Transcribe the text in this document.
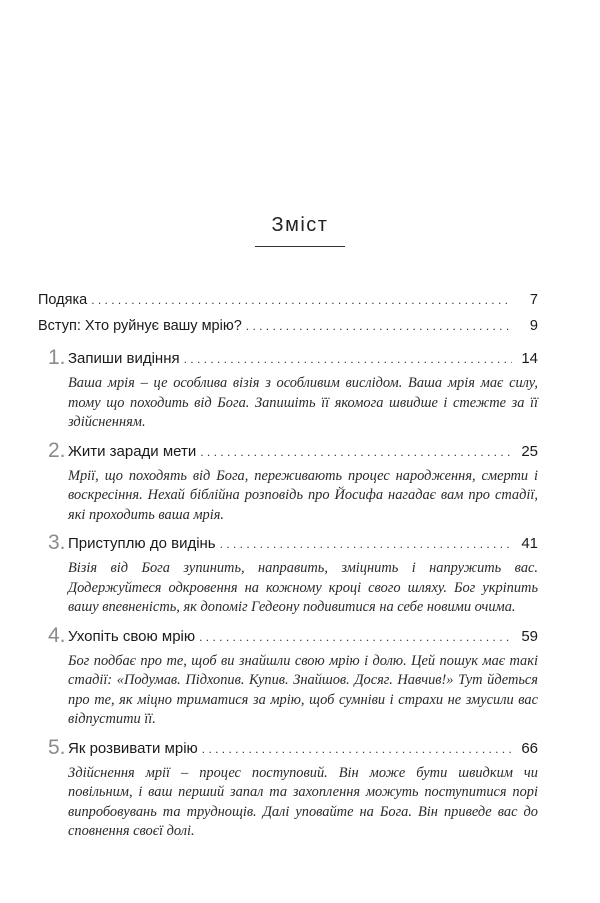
Зміст
Подяка . . .	7
Вступ: Хто руйнує вашу мрію? . . .	9
1. Запиши видіння . . .	14
Ваша мрія – це особлива візія з особливим вислідом. Ваша мрія має силу, тому що походить від Бога. Запишіть її якомога швидше і стежте за її здійсненням.
2. Жити заради мети . . .	25
Мрії, що походять від Бога, переживають процес народження, смерти і воскресіння. Нехай біблійна розповідь про Йосифа нагадає вам про стадії, які проходить ваша мрія.
3. Приступлю до видінь . . .	41
Візія від Бога зупинить, направить, зміцнить і напружить вас. Додержуйтеся одкровення на кожному кроці свого шляху. Бог укріпить вашу впевненість, як допоміг Гедеону подивитися на себе новими очима.
4. Ухопіть свою мрію . . .	59
Бог подбає про те, щоб ви знайшли свою мрію і долю. Цей пошук має такі стадії: «Подумав. Підхопив. Купив. Знайшов. Досяг. Навчив!» Тут йдеться про те, як міцно триматися за мрію, щоб сумніви і страхи не змусили вас відпустити її.
5. Як розвивати мрію . . .	66
Здійснення мрії – процес поступовий. Він може бути швидким чи повільним, і ваш перший запал та захоплення можуть поступитися порі випробовувань та труднощів. Далі уповайте на Бога. Він приведе вас до сповнення своєї долі.
